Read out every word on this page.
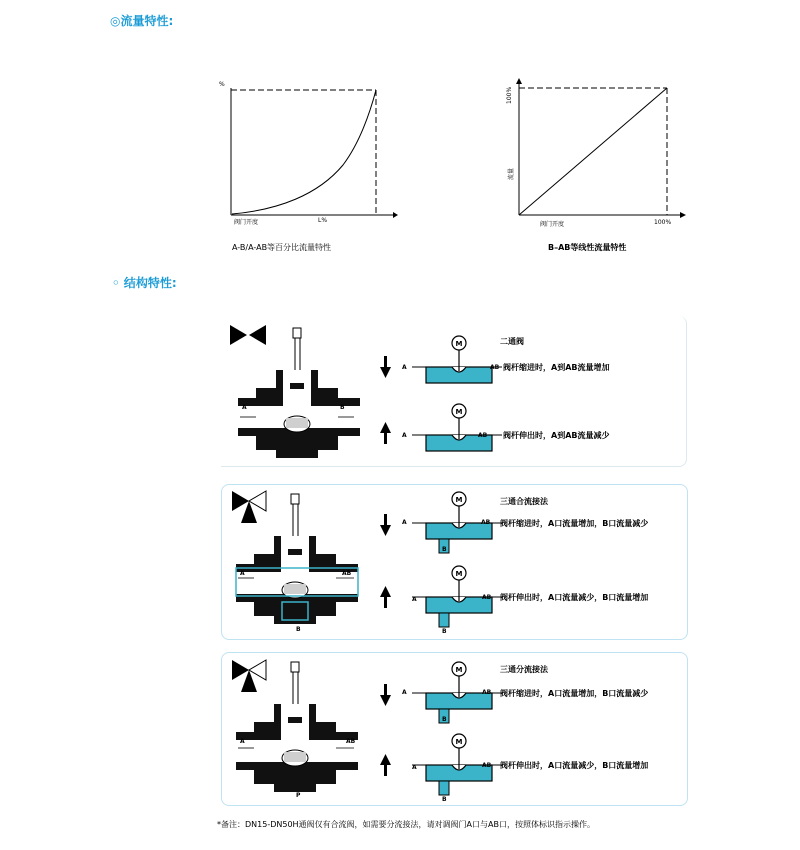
◎流量特性:
◦ 结构特性:
%
阀门开度	L%
A-B/A-AB等百分比流量特性
100%
流量
阀门开度	100%
B–AB等线性流量特性
A	B
二通阀
A	AB 阀杆缩进时，A到AB流量增加
A	AB 阀杆伸出时，A到AB流量减少
A	AB
B
三通合流接法
A	AB
B
阀杆缩进时，A口流量增加，B口流量减少
A	AB
B
阀杆伸出时，A口流量减少，B口流量增加
A	AB
P
三通分流接法
A	AB
B
阀杆缩进时，A口流量增加，B口流量减少
A	AB
B
阀杆伸出时，A口流量减少，B口流量增加
*备注：DN15-DN50H通阀仅有合流阀，如需要分流接法，请对调阀门A口与AB口，按照体标识指示操作。
